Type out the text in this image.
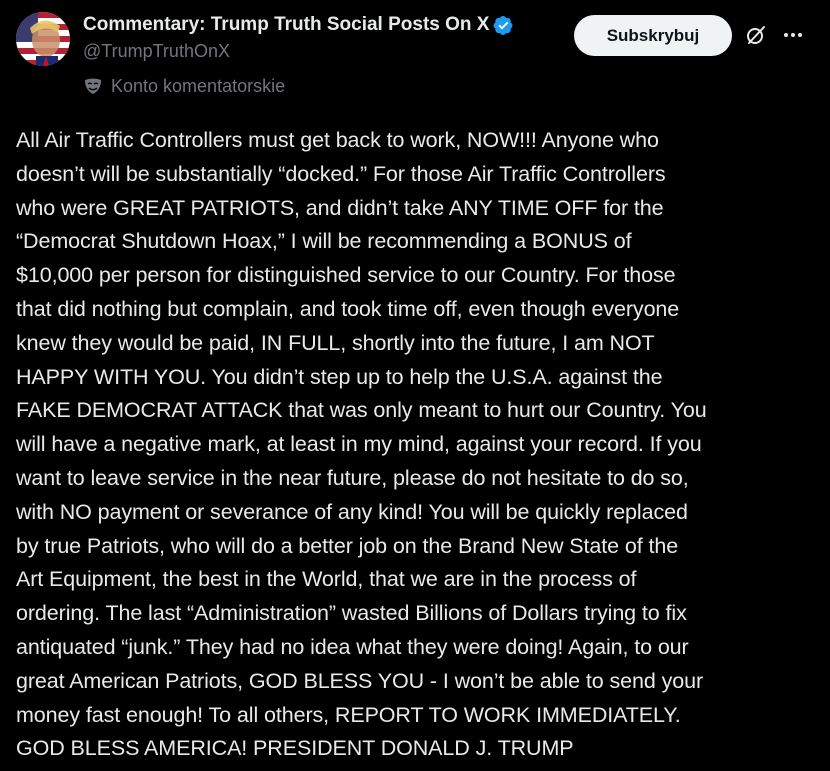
Commentary: Trump Truth Social Posts On X
@TrumpTruthOnX
Subskrybuj
Konto komentatorskie
All Air Traffic Controllers must get back to work, NOW!!! Anyone who
doesn’t will be substantially “docked.” For those Air Traffic Controllers
who were GREAT PATRIOTS, and didn’t take ANY TIME OFF for the
“Democrat Shutdown Hoax,” I will be recommending a BONUS of
$10,000 per person for distinguished service to our Country. For those
that did nothing but complain, and took time off, even though everyone
knew they would be paid, IN FULL, shortly into the future, I am NOT
HAPPY WITH YOU. You didn’t step up to help the U.S.A. against the
FAKE DEMOCRAT ATTACK that was only meant to hurt our Country. You
will have a negative mark, at least in my mind, against your record. If you
want to leave service in the near future, please do not hesitate to do so,
with NO payment or severance of any kind! You will be quickly replaced
by true Patriots, who will do a better job on the Brand New State of the
Art Equipment, the best in the World, that we are in the process of
ordering. The last “Administration” wasted Billions of Dollars trying to fix
antiquated “junk.” They had no idea what they were doing! Again, to our
great American Patriots, GOD BLESS YOU - I won’t be able to send your
money fast enough! To all others, REPORT TO WORK IMMEDIATELY.
GOD BLESS AMERICA! PRESIDENT DONALD J. TRUMP
